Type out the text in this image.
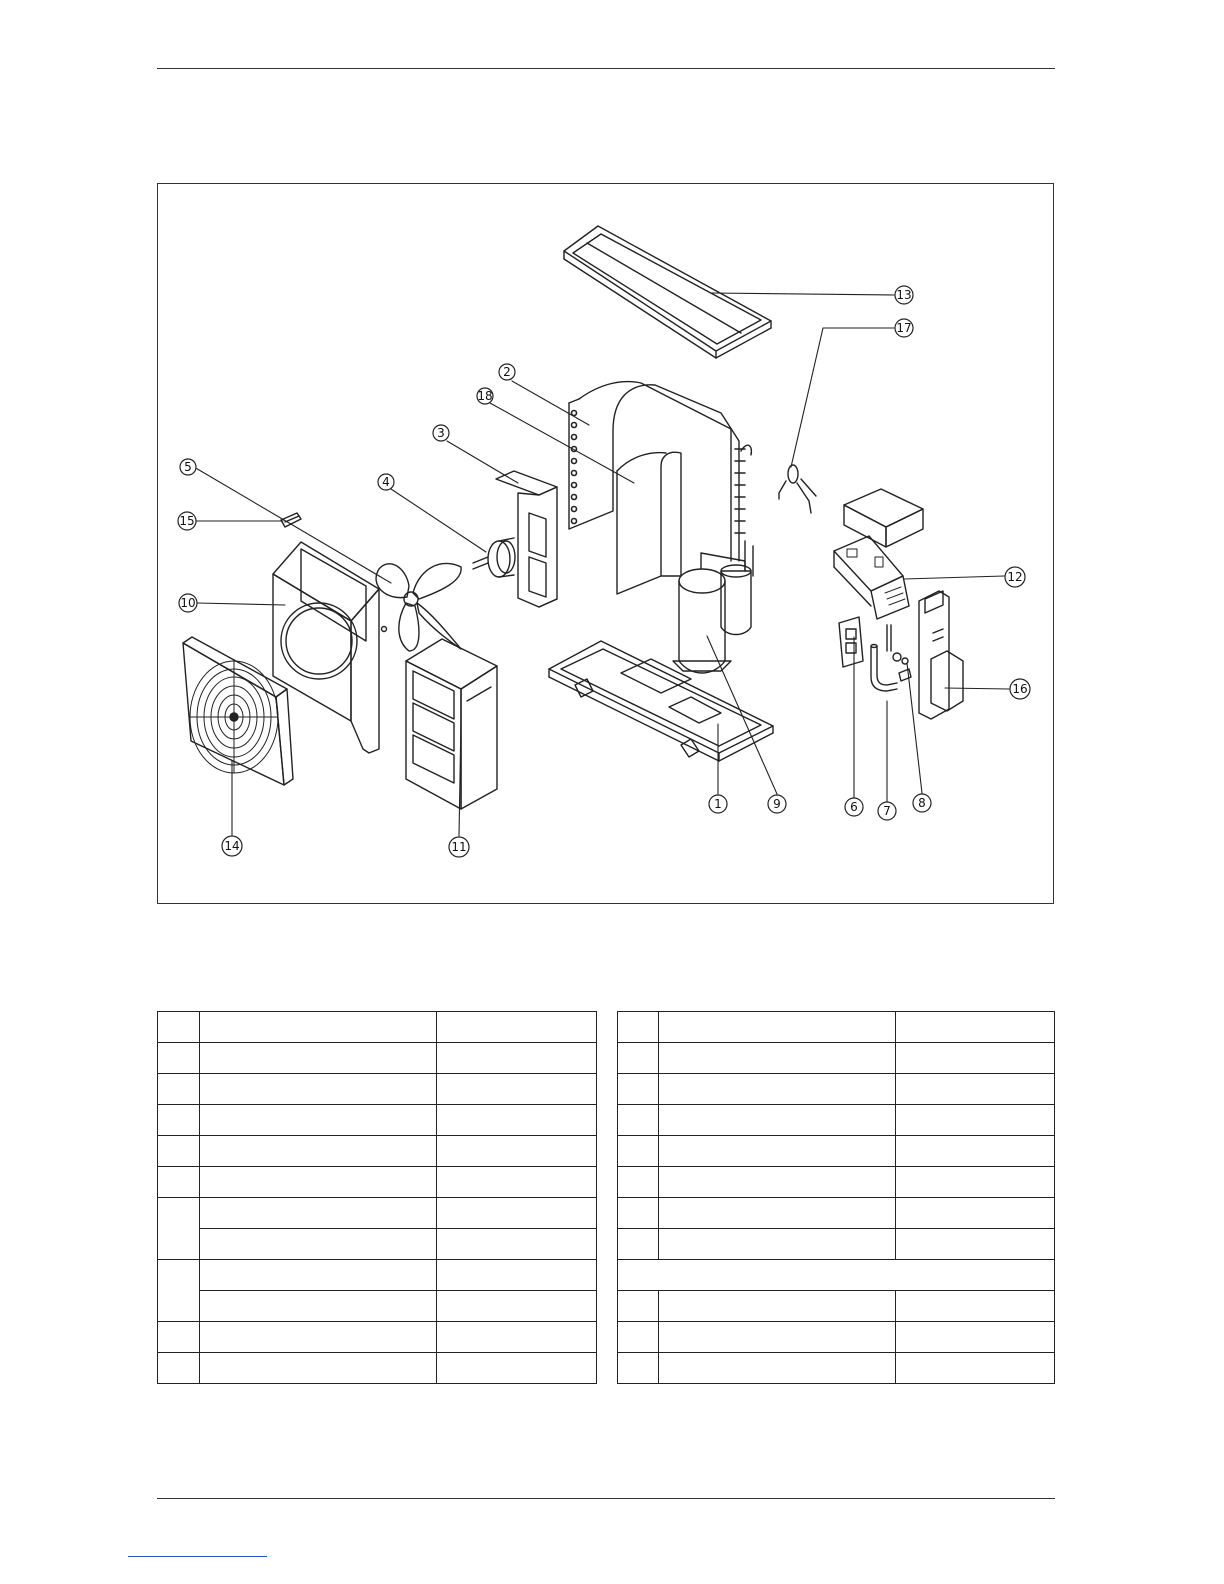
13
17
2
18
3
5
4
15
10
12
6
16
1	9	7
8
14	11
